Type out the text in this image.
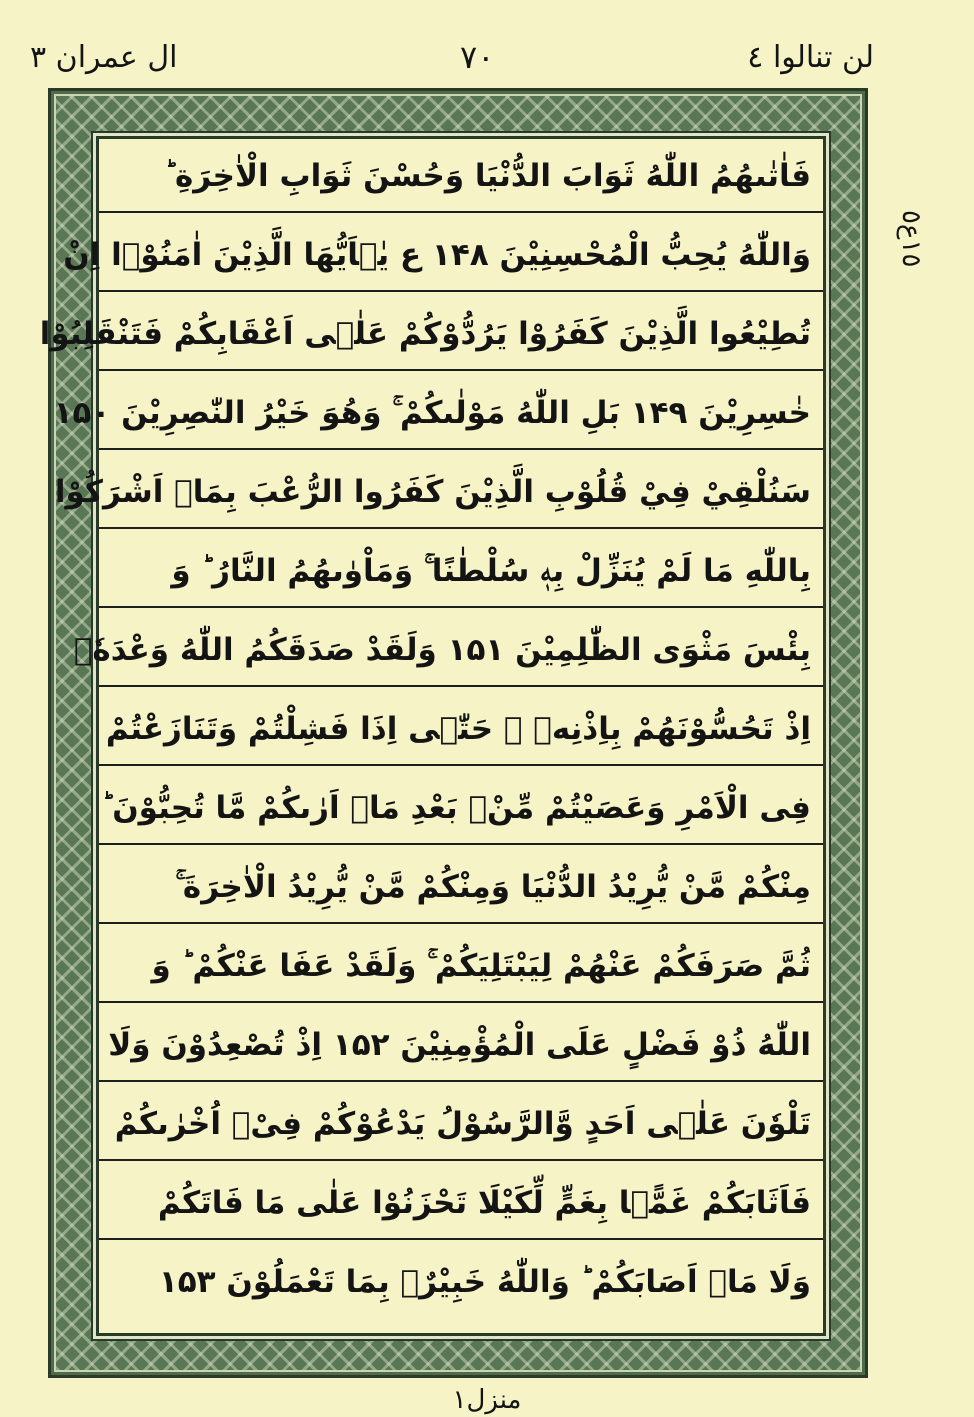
لن تنالوا ٤
٧٠
ال عمران ٣
فَاٰتٰىهُمُ اللّٰهُ ثَوَابَ الدُّنْيَا وَحُسْنَ ثَوَابِ الْاٰخِرَةِ ؕ
وَاللّٰهُ يُحِبُّ الْمُحْسِنِيْنَ ۱۴۸ ع يٰۤاَيُّهَا الَّذِيْنَ اٰمَنُوْۤا اِنْ
تُطِيْعُوا الَّذِيْنَ كَفَرُوْا يَرُدُّوْكُمْ عَلٰۤى اَعْقَابِكُمْ فَتَنْقَلِبُوْا
خٰسِرِيْنَ ۱۴۹ بَلِ اللّٰهُ مَوْلٰىكُمْ ۚ وَهُوَ خَيْرُ النّٰصِرِيْنَ ۱۵۰
سَنُلْقِيْ فِيْ قُلُوْبِ الَّذِيْنَ كَفَرُوا الرُّعْبَ بِمَاۤ اَشْرَكُوْا
بِاللّٰهِ مَا لَمْ يُنَزِّلْ بِهٖ سُلْطٰنًا ۚ وَمَاْوٰىهُمُ النَّارُ ؕ وَ
بِئْسَ مَثْوَى الظّٰلِمِيْنَ ۱۵۱ وَلَقَدْ صَدَقَكُمُ اللّٰهُ وَعْدَهٗۤ
اِذْ تَحُسُّوْنَهُمْ بِاِذْنِهٖ ۚ حَتّٰۤى اِذَا فَشِلْتُمْ وَتَنَازَعْتُمْ
فِى الْاَمْرِ وَعَصَيْتُمْ مِّنْۢ بَعْدِ مَاۤ اَرٰىكُمْ مَّا تُحِبُّوْنَ ؕ
مِنْكُمْ مَّنْ يُّرِيْدُ الدُّنْيَا وَمِنْكُمْ مَّنْ يُّرِيْدُ الْاٰخِرَةَ ۚ
ثُمَّ صَرَفَكُمْ عَنْهُمْ لِيَبْتَلِيَكُمْ ۚ وَلَقَدْ عَفَا عَنْكُمْ ؕ وَ
اللّٰهُ ذُوْ فَضْلٍ عَلَى الْمُؤْمِنِيْنَ ۱۵۲ اِذْ تُصْعِدُوْنَ وَلَا
تَلْوٗنَ عَلٰۤى اَحَدٍ وَّالرَّسُوْلُ يَدْعُوْكُمْ فِیْۤ اُخْرٰىكُمْ
فَاَثَابَكُمْ غَمًّۢا بِغَمٍّ لِّكَيْلَا تَحْزَنُوْا عَلٰى مَا فَاتَكُمْ
وَلَا مَاۤ اَصَابَكُمْ ؕ وَاللّٰهُ خَبِيْرٌۢ بِمَا تَعْمَلُوْنَ ۱۵۳
١٥ع٥
منزل۱
